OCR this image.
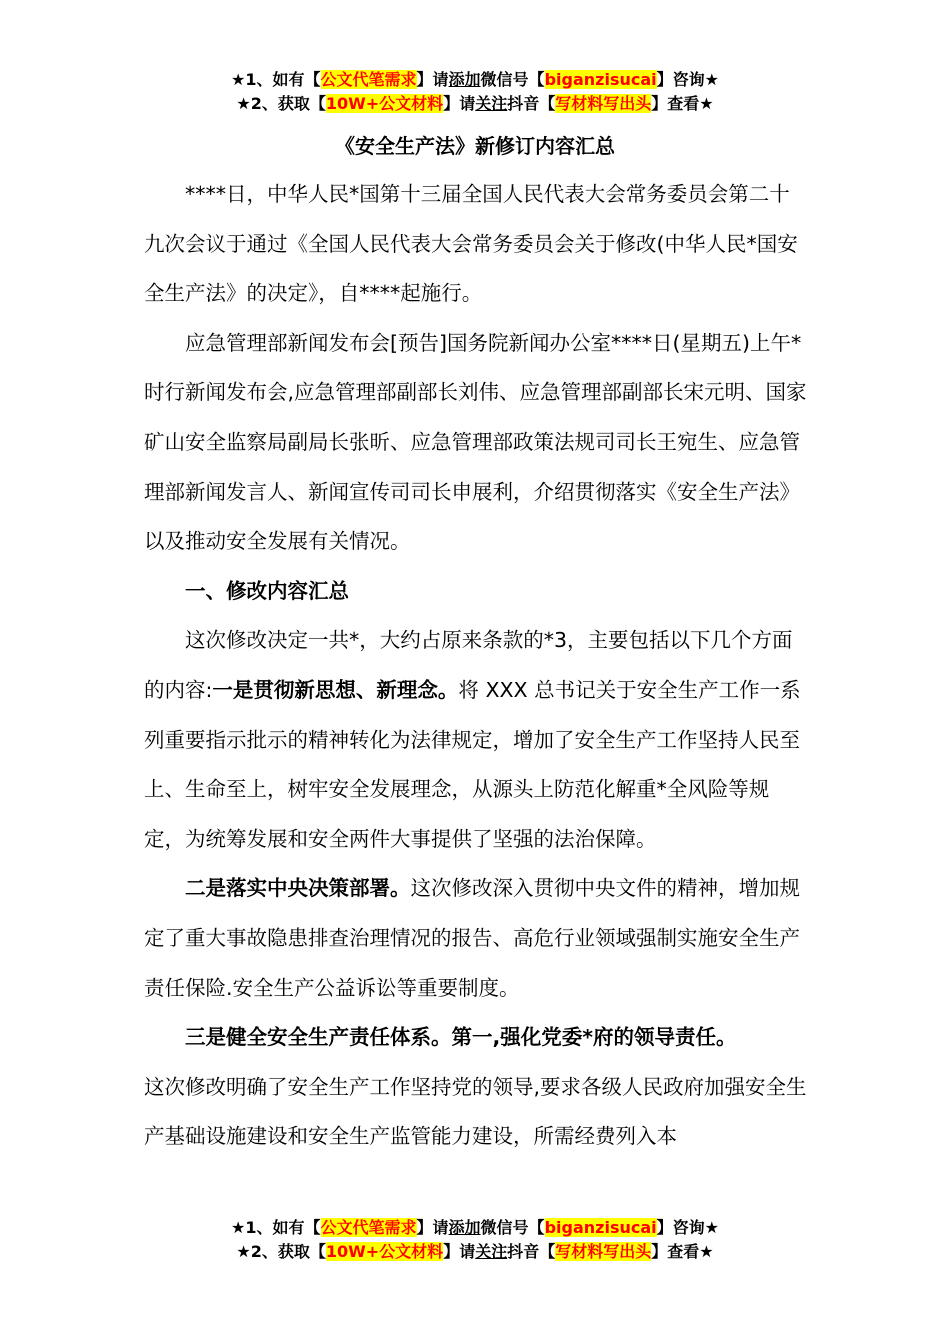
★1、如有【公文代笔需求】请添加微信号【biganzisucai】咨询★
★2、获取【10W+公文材料】请关注抖音【写材料写出头】查看★
《安全生产法》新修订内容汇总

****日，中华人民*国第十三届全国人民代表大会常务委员会第二十九次会议于通过《全国人民代表大会常务委员会关于修改(中华人民*国安全生产法》的决定》，自****起施行。

应急管理部新闻发布会[预告]国务院新闻办公室****日(星期五)上午*时行新闻发布会,应急管理部副部长刘伟、应急管理部副部长宋元明、国家矿山安全监察局副局长张昕、应急管理部政策法规司司长王宛生、应急管理部新闻发言人、新闻宣传司司长申展利，介绍贯彻落实《安全生产法》以及推动安全发展有关情况。

一、修改内容汇总

这次修改决定一共*，大约占原来条款的*3，主要包括以下几个方面的内容:一是贯彻新思想、新理念。将 XXX 总书记关于安全生产工作一系列重要指示批示的精神转化为法律规定，增加了安全生产工作坚持人民至上、生命至上，树牢安全发展理念，从源头上防范化解重*全风险等规定，为统筹发展和安全两件大事提供了坚强的法治保障。

二是落实中央决策部署。这次修改深入贯彻中央文件的精神，增加规定了重大事故隐患排查治理情况的报告、高危行业领域强制实施安全生产责任保险.安全生产公益诉讼等重要制度。

三是健全安全生产责任体系。第一,强化党委*府的领导责任。

这次修改明确了安全生产工作坚持党的领导,要求各级人民政府加强安全生产基础设施建设和安全生产监管能力建设，所需经费列入本

★1、如有【公文代笔需求】请添加微信号【biganzisucai】咨询★
★2、获取【10W+公文材料】请关注抖音【写材料写出头】查看★
